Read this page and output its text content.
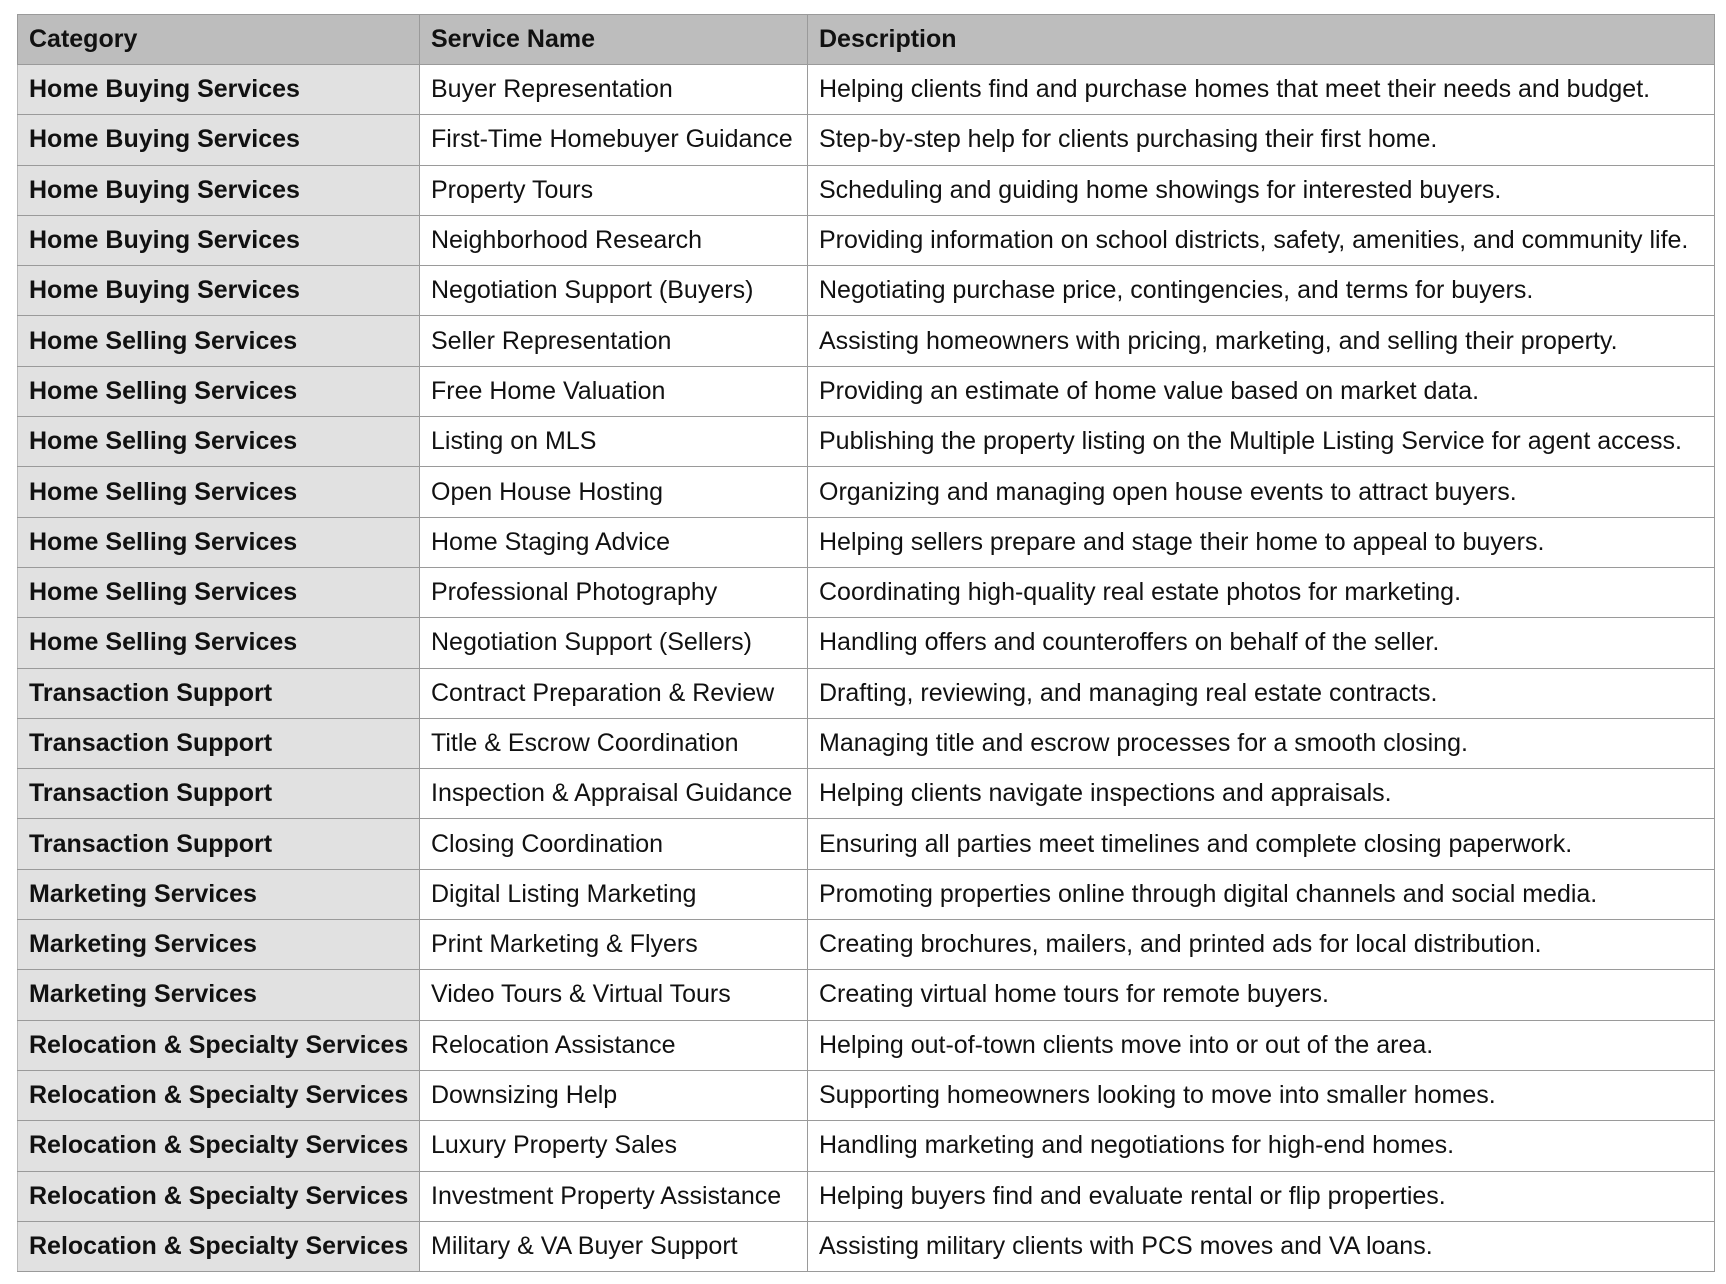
Category	Service Name	Description
Home Buying Services	Buyer Representation	Helping clients find and purchase homes that meet their needs and budget.
Home Buying Services	First-Time Homebuyer Guidance	Step-by-step help for clients purchasing their first home.
Home Buying Services	Property Tours	Scheduling and guiding home showings for interested buyers.
Home Buying Services	Neighborhood Research	Providing information on school districts, safety, amenities, and community life.
Home Buying Services	Negotiation Support (Buyers)	Negotiating purchase price, contingencies, and terms for buyers.
Home Selling Services	Seller Representation	Assisting homeowners with pricing, marketing, and selling their property.
Home Selling Services	Free Home Valuation	Providing an estimate of home value based on market data.
Home Selling Services	Listing on MLS	Publishing the property listing on the Multiple Listing Service for agent access.
Home Selling Services	Open House Hosting	Organizing and managing open house events to attract buyers.
Home Selling Services	Home Staging Advice	Helping sellers prepare and stage their home to appeal to buyers.
Home Selling Services	Professional Photography	Coordinating high-quality real estate photos for marketing.
Home Selling Services	Negotiation Support (Sellers)	Handling offers and counteroffers on behalf of the seller.
Transaction Support	Contract Preparation & Review	Drafting, reviewing, and managing real estate contracts.
Transaction Support	Title & Escrow Coordination	Managing title and escrow processes for a smooth closing.
Transaction Support	Inspection & Appraisal Guidance	Helping clients navigate inspections and appraisals.
Transaction Support	Closing Coordination	Ensuring all parties meet timelines and complete closing paperwork.
Marketing Services	Digital Listing Marketing	Promoting properties online through digital channels and social media.
Marketing Services	Print Marketing & Flyers	Creating brochures, mailers, and printed ads for local distribution.
Marketing Services	Video Tours & Virtual Tours	Creating virtual home tours for remote buyers.
Relocation & Specialty Services	Relocation Assistance	Helping out-of-town clients move into or out of the area.
Relocation & Specialty Services	Downsizing Help	Supporting homeowners looking to move into smaller homes.
Relocation & Specialty Services	Luxury Property Sales	Handling marketing and negotiations for high-end homes.
Relocation & Specialty Services	Investment Property Assistance	Helping buyers find and evaluate rental or flip properties.
Relocation & Specialty Services	Military & VA Buyer Support	Assisting military clients with PCS moves and VA loans.
